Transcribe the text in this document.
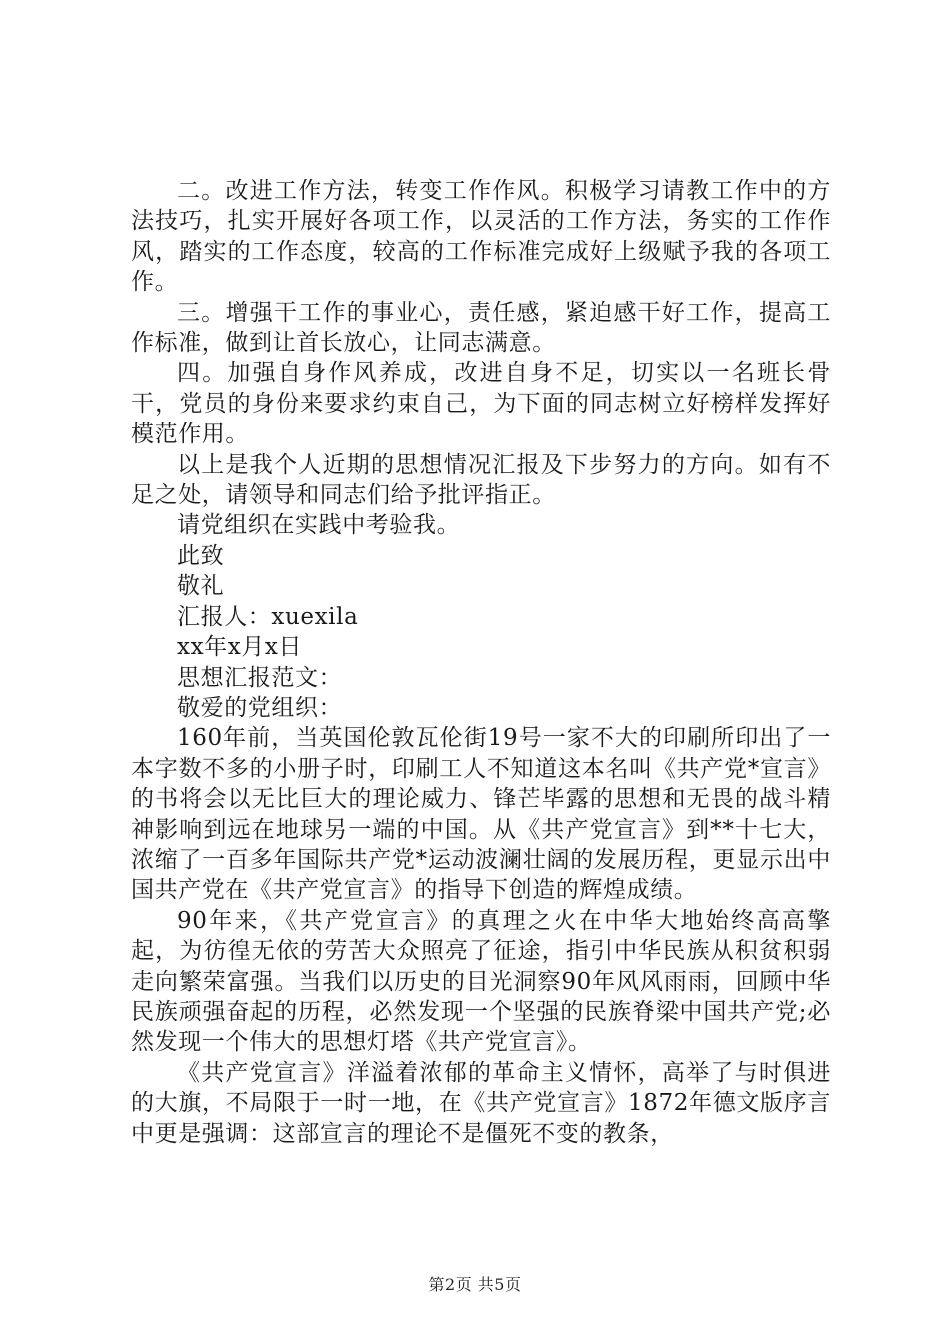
二。改进工作方法，转变工作作风。积极学习请教工作中的方法技巧，扎实开展好各项工作，以灵活的工作方法，务实的工作作风，踏实的工作态度，较高的工作标准完成好上级赋予我的各项工作。

三。增强干工作的事业心，责任感，紧迫感干好工作，提高工作标准，做到让首长放心，让同志满意。

四。加强自身作风养成，改进自身不足，切实以一名班长骨干，党员的身份来要求约束自己，为下面的同志树立好榜样发挥好模范作用。

以上是我个人近期的思想情况汇报及下步努力的方向。如有不足之处，请领导和同志们给予批评指正。

请党组织在实践中考验我。

此致

敬礼

汇报人：xuexila

xx年x月x日

思想汇报范文：

敬爱的党组织：

160年前，当英国伦敦瓦伦街19号一家不大的印刷所印出了一本字数不多的小册子时，印刷工人不知道这本名叫《共产党*宣言》的书将会以无比巨大的理论威力、锋芒毕露的思想和无畏的战斗精神影响到远在地球另一端的中国。从《共产党宣言》到**十七大，浓缩了一百多年国际共产党*运动波澜壮阔的发展历程，更显示出中国共产党在《共产党宣言》的指导下创造的辉煌成绩。

90年来，《共产党宣言》的真理之火在中华大地始终高高擎起，为彷徨无依的劳苦大众照亮了征途，指引中华民族从积贫积弱走向繁荣富强。当我们以历史的目光洞察90年风风雨雨，回顾中华民族顽强奋起的历程，必然发现一个坚强的民族脊梁中国共产党;必然发现一个伟大的思想灯塔《共产党宣言》。

《共产党宣言》洋溢着浓郁的革命主义情怀，高举了与时俱进的大旗，不局限于一时一地，在《共产党宣言》1872年德文版序言中更是强调：这部宣言的理论不是僵死不变的教条，

第2页 共5页
